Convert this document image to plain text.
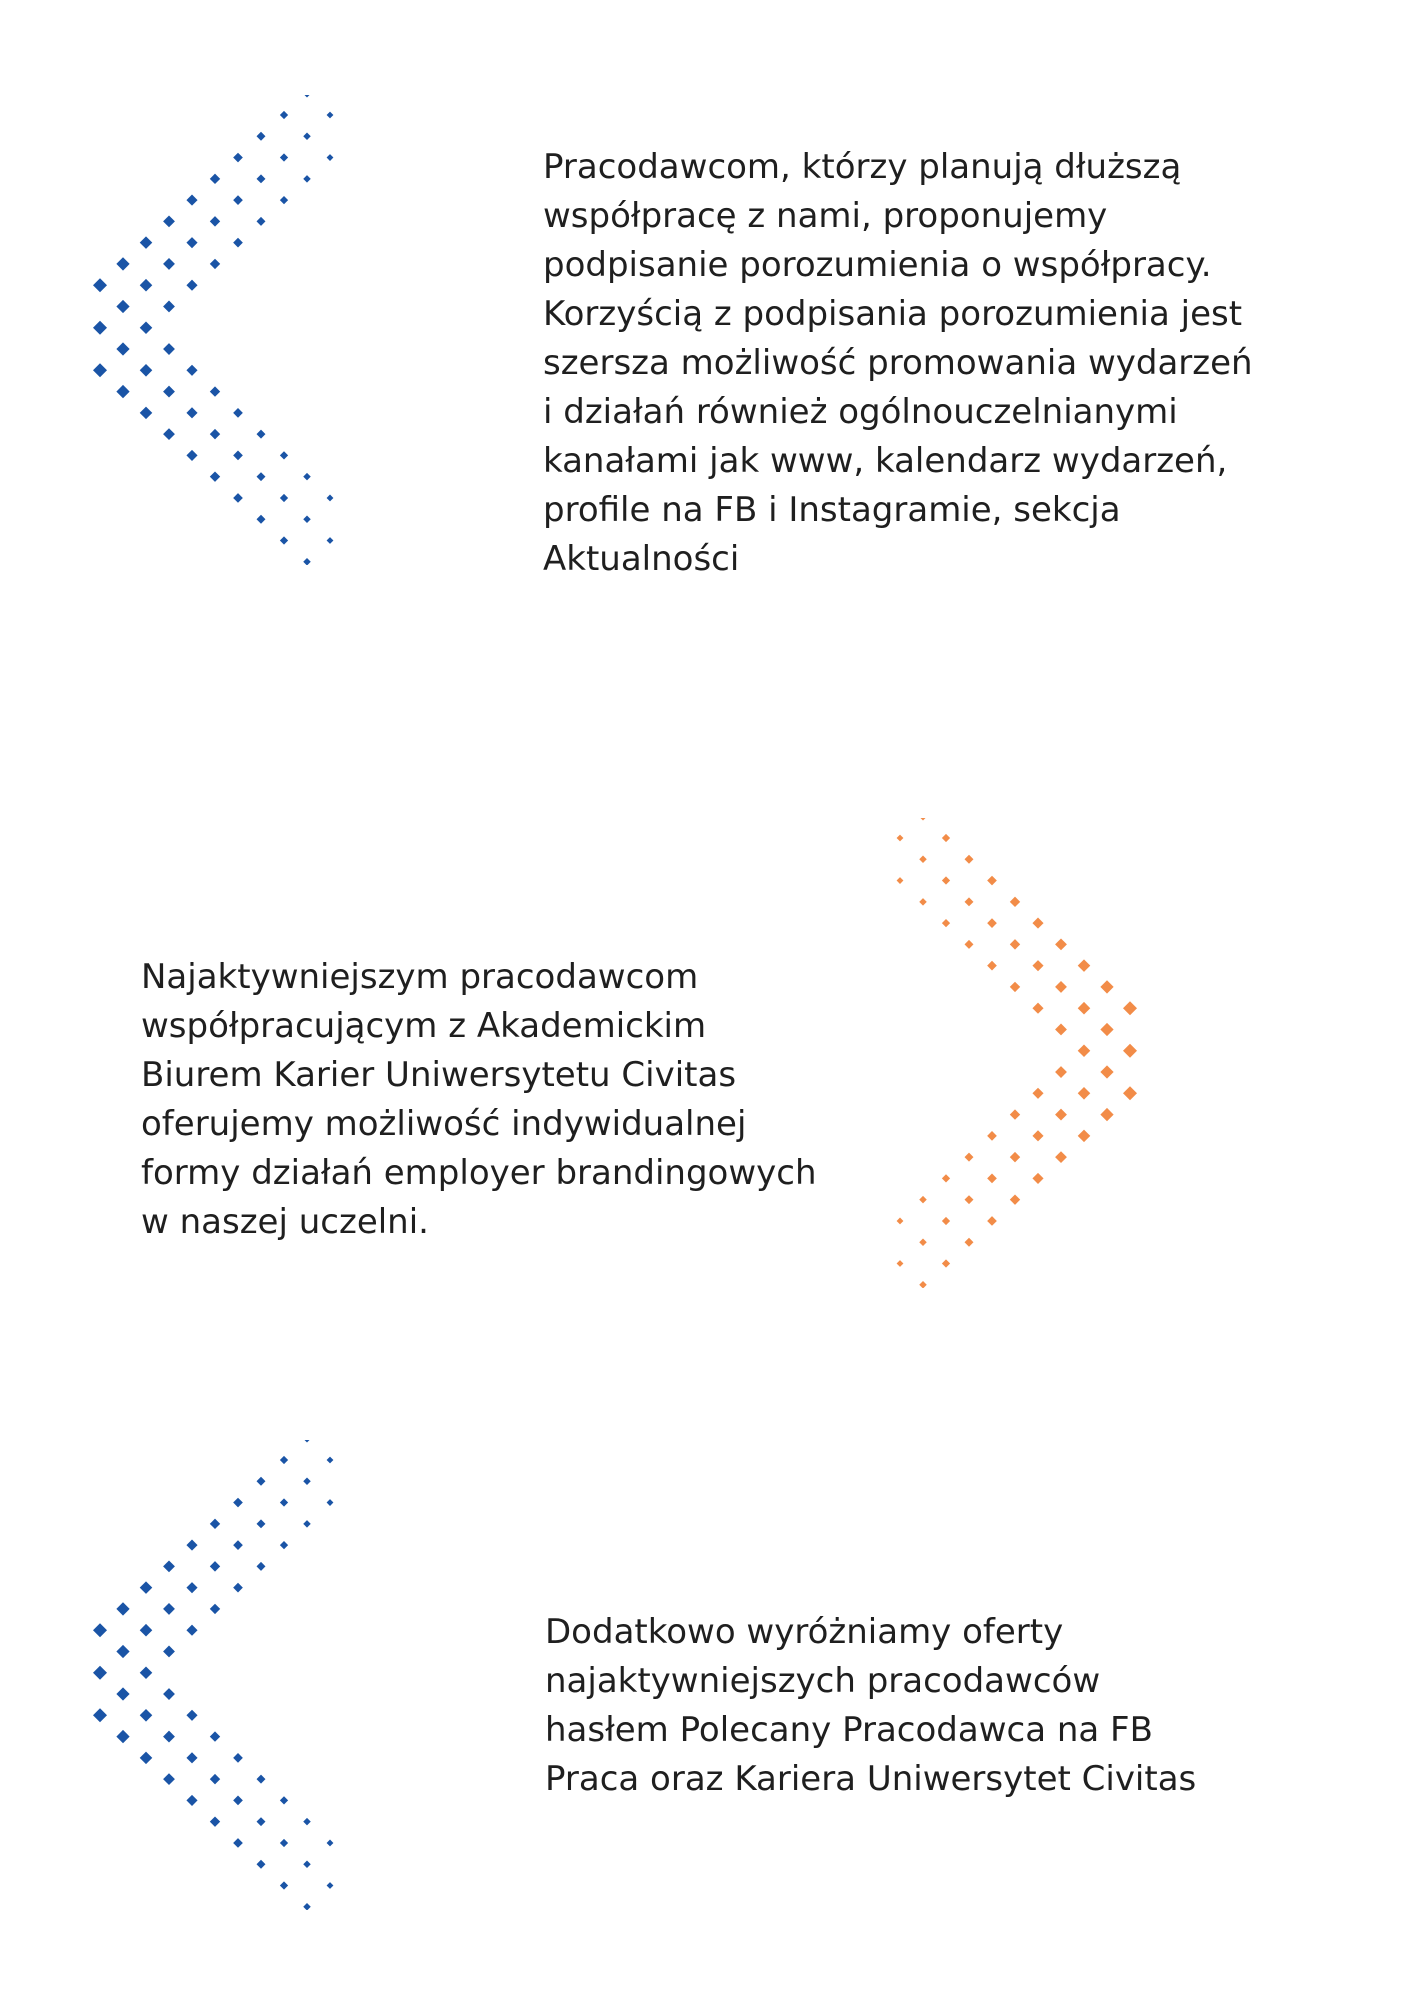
Pracodawcom, którzy planują dłuższą
współpracę z nami, proponujemy
podpisanie porozumienia o współpracy.
Korzyścią z podpisania porozumienia jest
szersza możliwość promowania wydarzeń
i działań również ogólnouczelnianymi
kanałami jak www, kalendarz wydarzeń,
profile na FB i Instagramie, sekcja
Aktualności
Najaktywniejszym pracodawcom
współpracującym z Akademickim
Biurem Karier Uniwersytetu Civitas
oferujemy możliwość indywidualnej
formy działań employer brandingowych
w naszej uczelni.
Dodatkowo wyróżniamy oferty
najaktywniejszych pracodawców
hasłem Polecany Pracodawca na FB
Praca oraz Kariera Uniwersytet Civitas
